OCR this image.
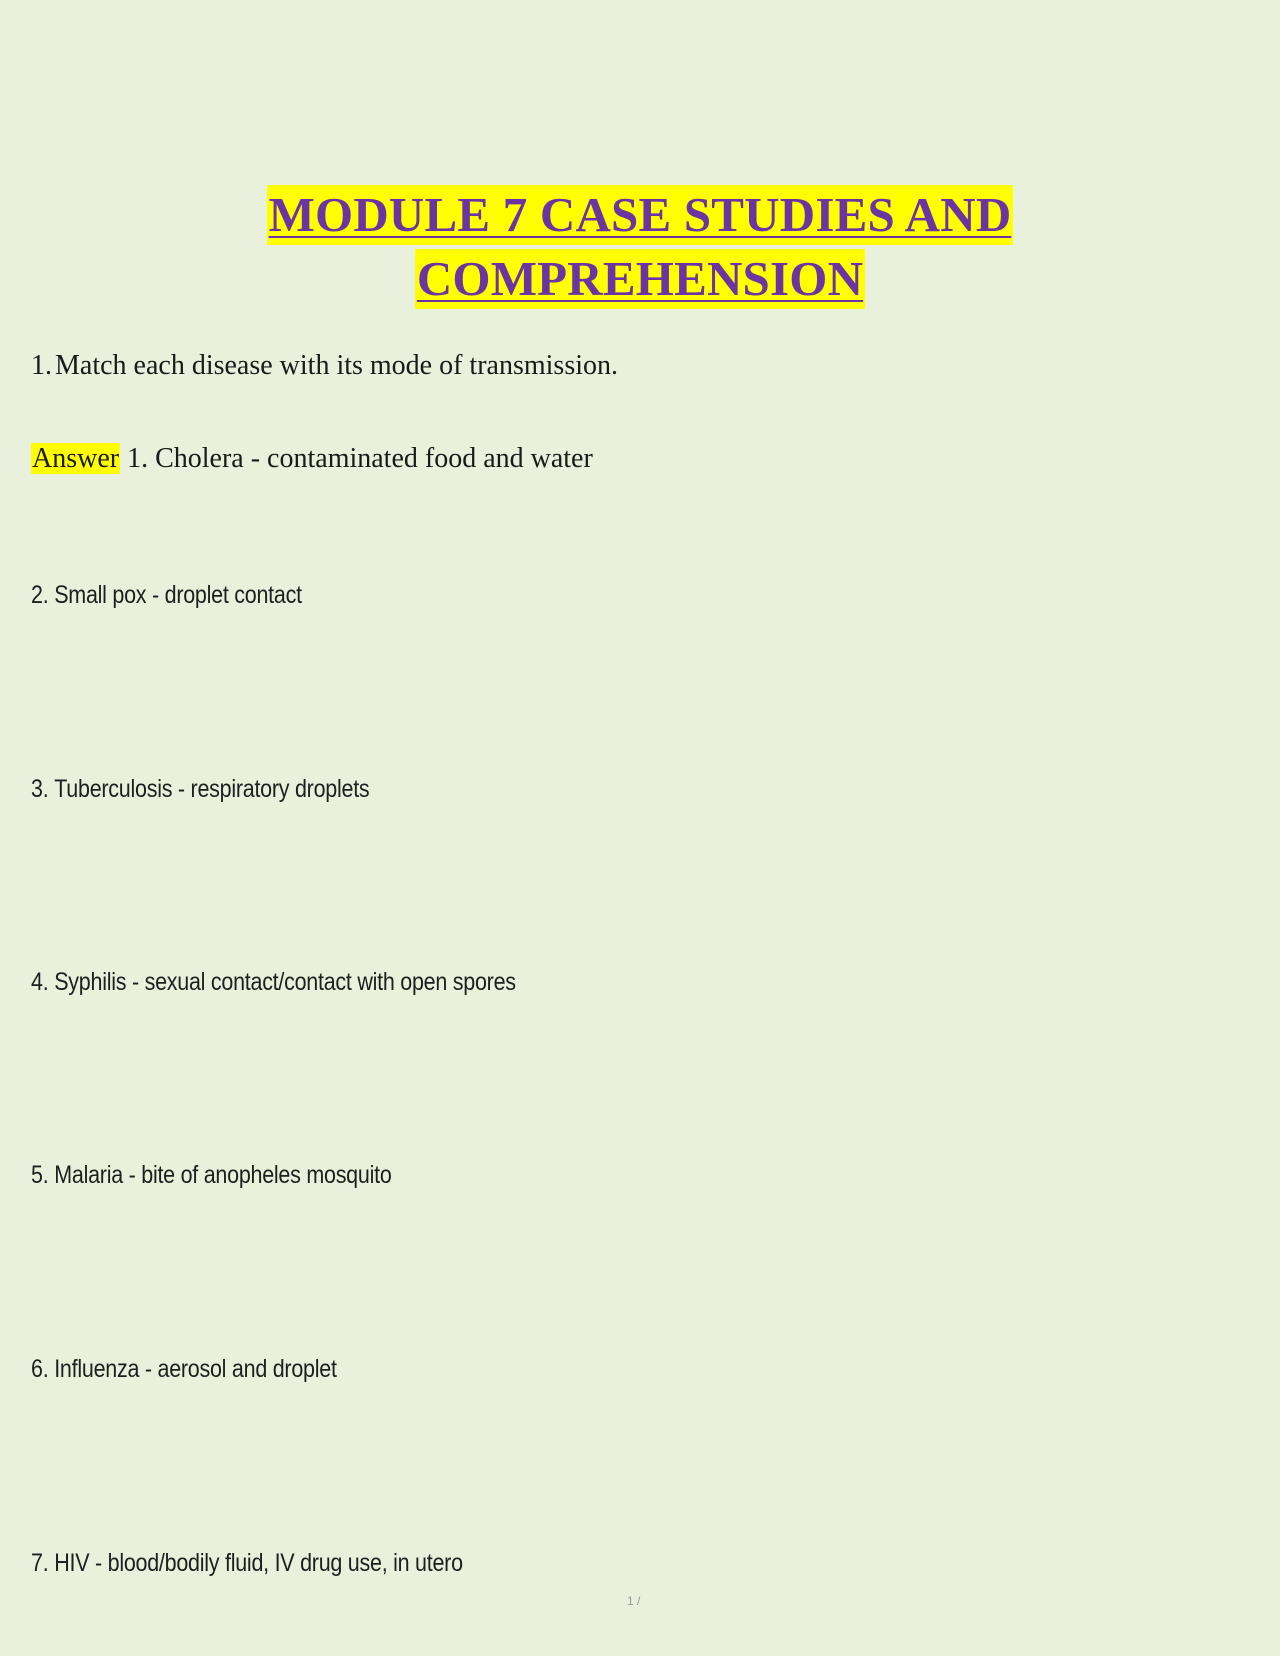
MODULE 7 CASE STUDIES AND
COMPREHENSION
1. Match each disease with its mode of transmission.
Answer 1. Cholera - contaminated food and water
2. Small pox - droplet contact
3. Tuberculosis - respiratory droplets
4. Syphilis - sexual contact/contact with open spores
5. Malaria - bite of anopheles mosquito
6. Influenza - aerosol and droplet
7. HIV - blood/bodily fluid, IV drug use, in utero
1 /
